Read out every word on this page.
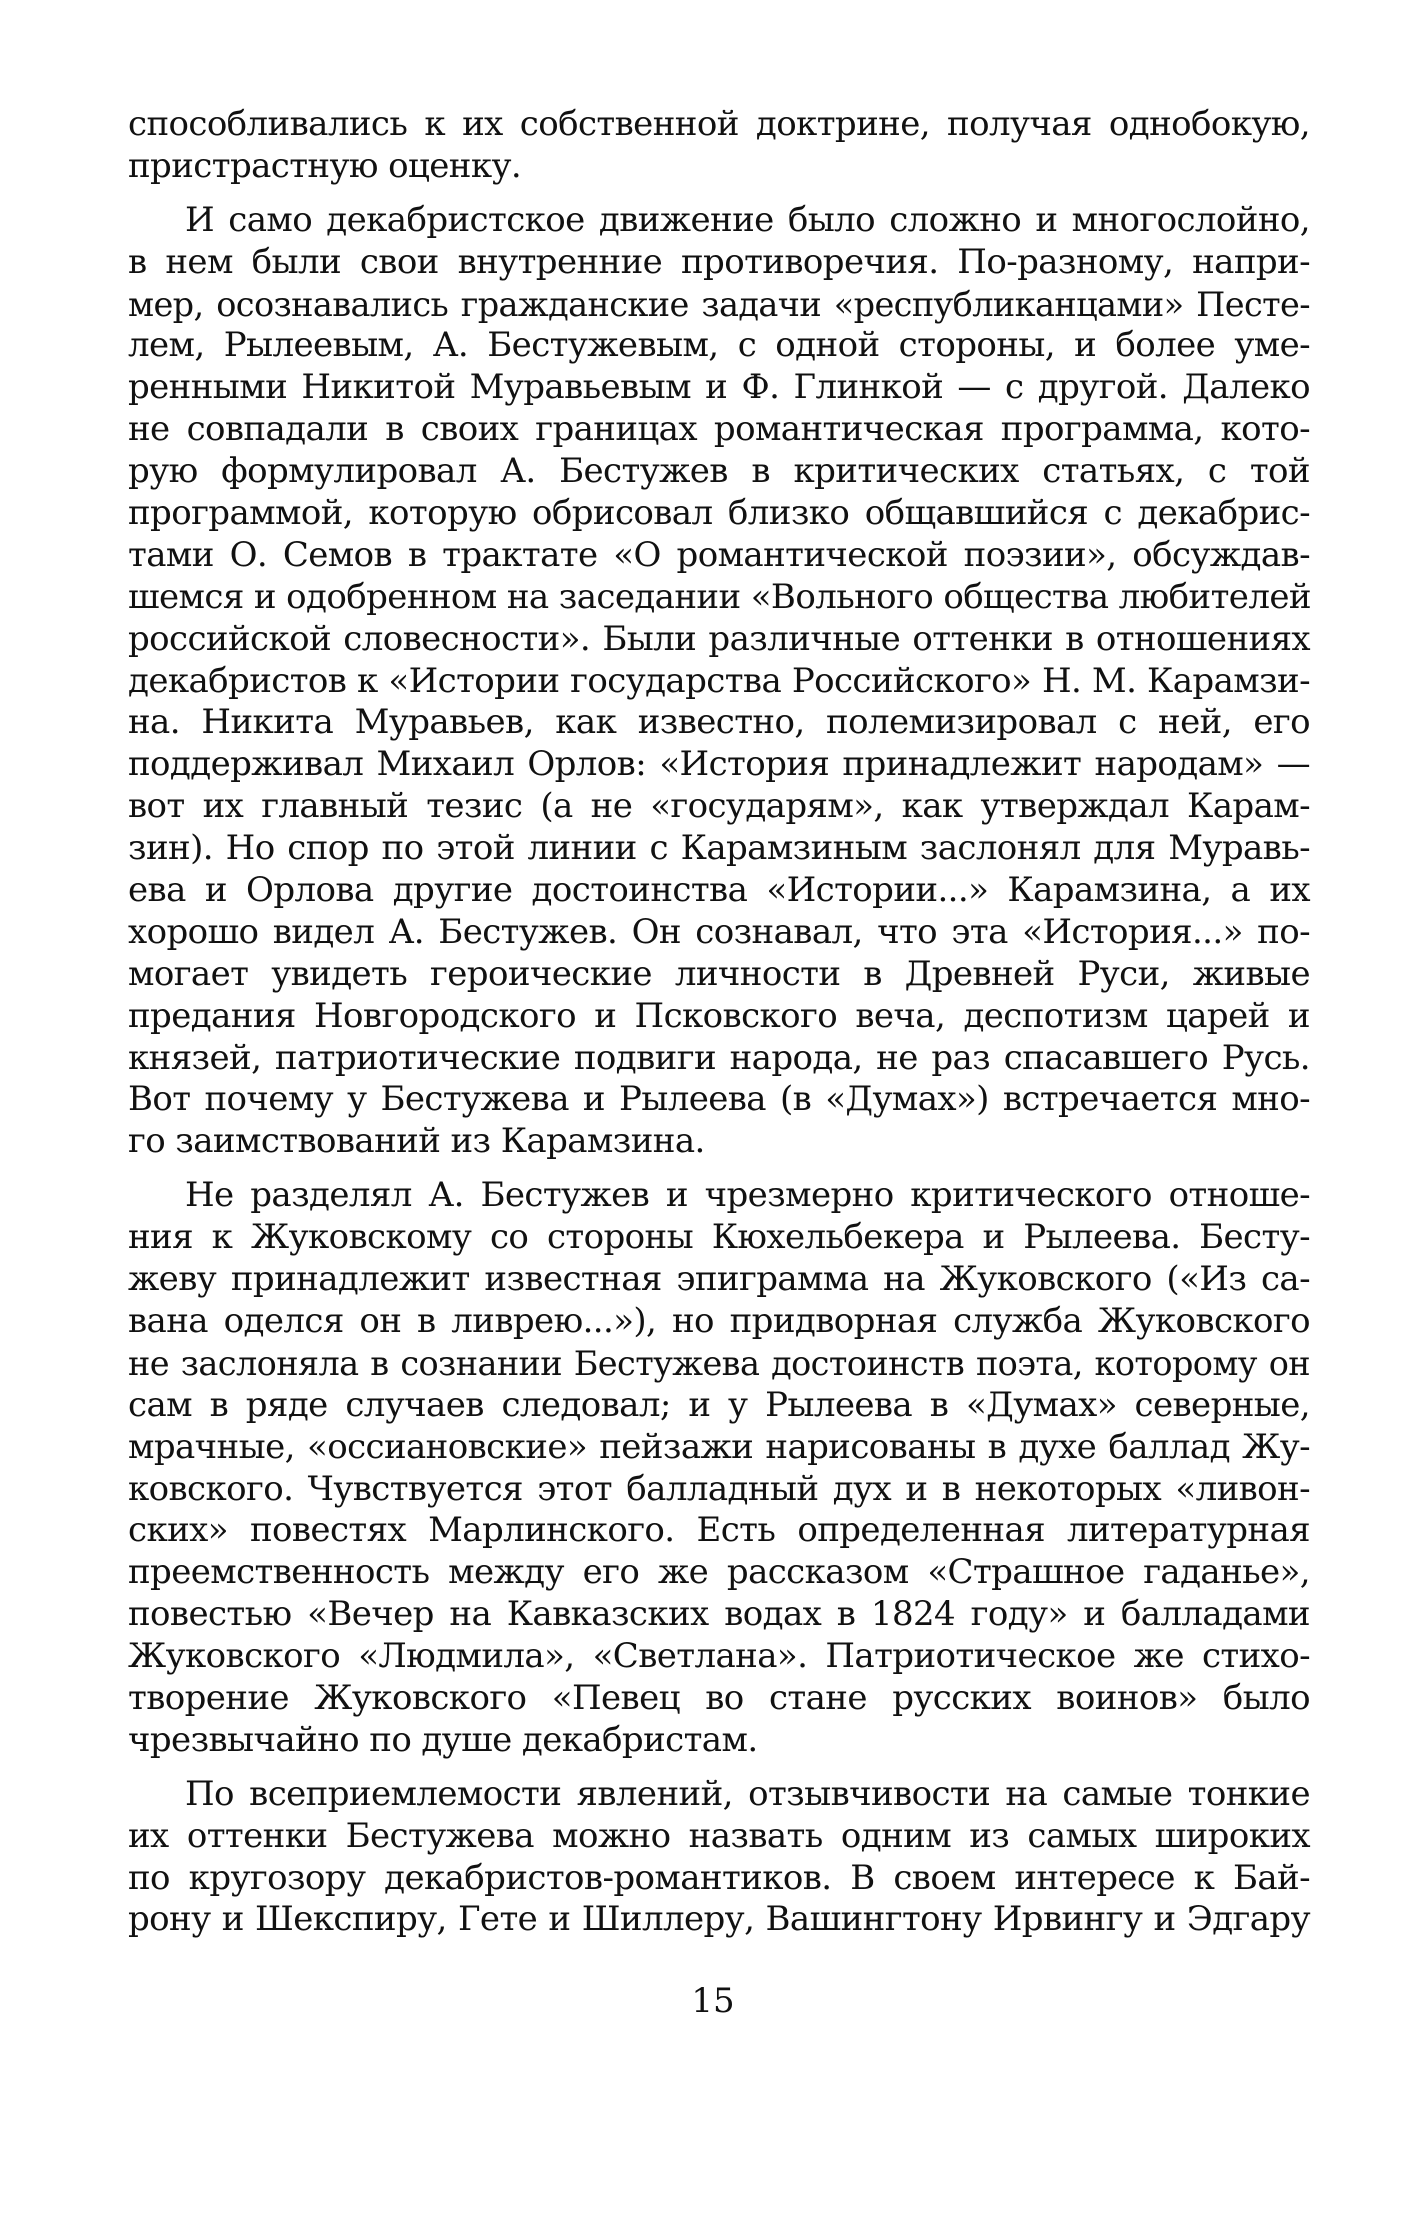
способливались к их собственной доктрине, получая однобокую,
пристрастную оценку.
И само декабристское движение было сложно и многослойно,
в нем были свои внутренние противоречия. По-разному, напри-
мер, осознавались гражданские задачи «республиканцами» Песте-
лем, Рылеевым, А. Бестужевым, с одной стороны, и более уме-
ренными Никитой Муравьевым и Ф. Глинкой — с другой. Далеко
не совпадали в своих границах романтическая программа, кото-
рую формулировал А. Бестужев в критических статьях, с той
программой, которую обрисовал близко общавшийся с декабрис-
тами О. Семов в трактате «О романтической поэзии», обсуждав-
шемся и одобренном на заседании «Вольного общества любителей
российской словесности». Были различные оттенки в отношениях
декабристов к «Истории государства Российского» Н. М. Карамзи-
на. Никита Муравьев, как известно, полемизировал с ней, его
поддерживал Михаил Орлов: «История принадлежит народам» —
вот их главный тезис (а не «государям», как утверждал Карам-
зин). Но спор по этой линии с Карамзиным заслонял для Муравь-
ева и Орлова другие достоинства «Истории...» Карамзина, а их
хорошо видел А. Бестужев. Он сознавал, что эта «История...» по-
могает увидеть героические личности в Древней Руси, живые
предания Новгородского и Псковского веча, деспотизм царей и
князей, патриотические подвиги народа, не раз спасавшего Русь.
Вот почему у Бестужева и Рылеева (в «Думах») встречается мно-
го заимствований из Карамзина.
Не разделял А. Бестужев и чрезмерно критического отноше-
ния к Жуковскому со стороны Кюхельбекера и Рылеева. Бесту-
жеву принадлежит известная эпиграмма на Жуковского («Из са-
вана оделся он в ливрею...»), но придворная служба Жуковского
не заслоняла в сознании Бестужева достоинств поэта, которому он
сам в ряде случаев следовал; и у Рылеева в «Думах» северные,
мрачные, «оссиановские» пейзажи нарисованы в духе баллад Жу-
ковского. Чувствуется этот балладный дух и в некоторых «ливон-
ских» повестях Марлинского. Есть определенная литературная
преемственность между его же рассказом «Страшное гаданье»,
повестью «Вечер на Кавказских водах в 1824 году» и балладами
Жуковского «Людмила», «Светлана». Патриотическое же стихо-
творение Жуковского «Певец во стане русских воинов» было
чрезвычайно по душе декабристам.
По всеприемлемости явлений, отзывчивости на самые тонкие
их оттенки Бестужева можно назвать одним из самых широких
по кругозору декабристов-романтиков. В своем интересе к Бай-
рону и Шекспиру, Гете и Шиллеру, Вашингтону Ирвингу и Эдгару
15
